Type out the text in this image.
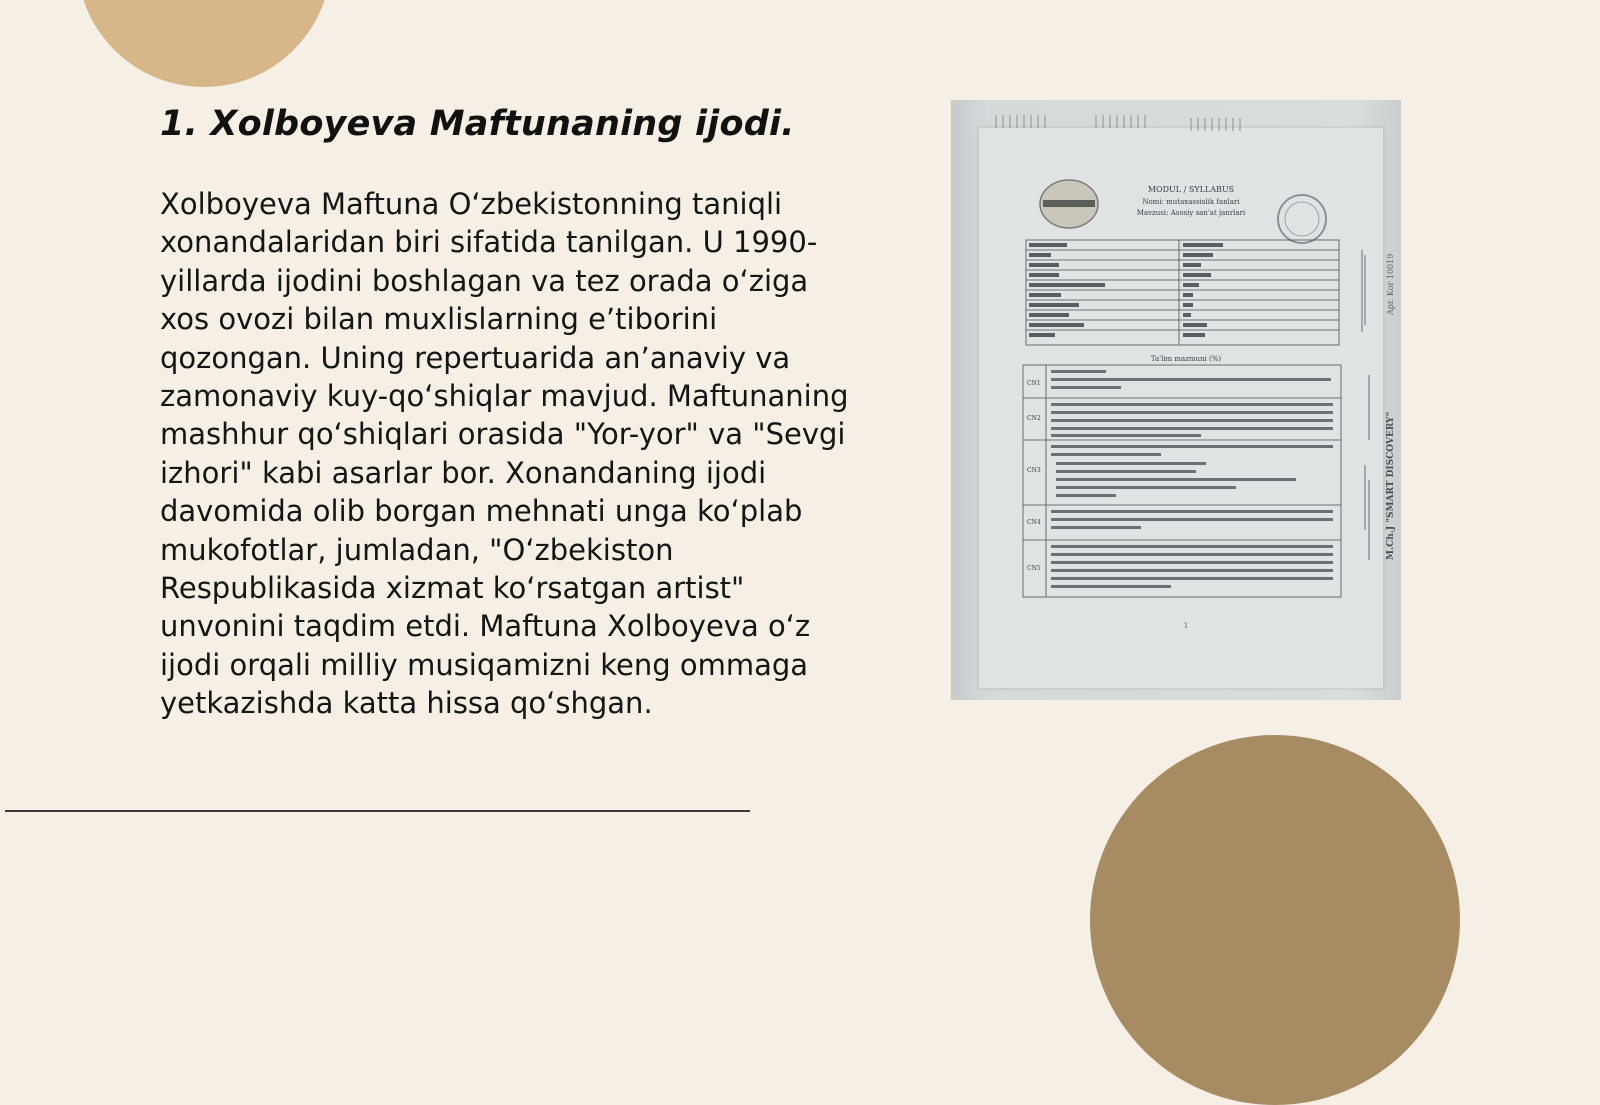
1. Xolboyeva Maftunaning ijodi.

Xolboyeva Maftuna O‘zbekistonning taniqli xonandalaridan biri sifatida tanilgan. U 1990-yillarda ijodini boshlagan va tez orada o‘ziga xos ovozi bilan muxlislarning e’tiborini qozongan. Uning repertuarida an’anaviy va zamonaviy kuy-qo‘shiqlar mavjud. Maftunaning mashhur qo‘shiqlari orasida "Yor-yor" va "Sevgi izhori" kabi asarlar bor. Xonandaning ijodi davomida olib borgan mehnati unga ko‘plab mukofotlar, jumladan, "O‘zbekiston Respublikasida xizmat ko‘rsatgan artist" unvonini taqdim etdi. Maftuna Xolboyeva o‘z ijodi orqali milliy musiqamizni keng ommaga yetkazishda katta hissa qo‘shgan.

MODUL / SYLLABUS
Nomi: mutaxassislik fanlari
Mavzusi: Asosiy san'at janrlari
Ta'lim mazmuni (%)
CN1
CN2
CN3
CN4
CN5
M.Ch.J "SMART DISCOVERY"
Apr. Kor 10019
1
